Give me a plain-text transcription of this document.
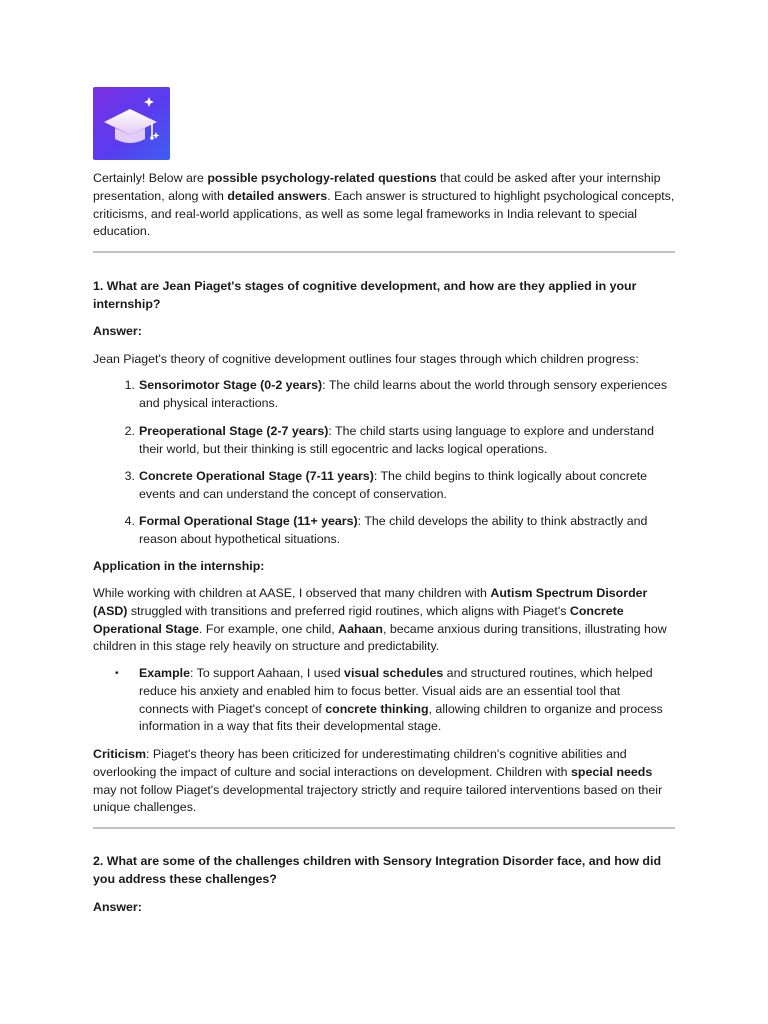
Certainly! Below are possible psychology-related questions that could be asked after your internship presentation, along with detailed answers. Each answer is structured to highlight psychological concepts, criticisms, and real-world applications, as well as some legal frameworks in India relevant to special education.
1. What are Jean Piaget's stages of cognitive development, and how are they applied in your internship?
Answer:
Jean Piaget's theory of cognitive development outlines four stages through which children progress:
1. Sensorimotor Stage (0-2 years): The child learns about the world through sensory experiences and physical interactions.
2. Preoperational Stage (2-7 years): The child starts using language to explore and understand their world, but their thinking is still egocentric and lacks logical operations.
3. Concrete Operational Stage (7-11 years): The child begins to think logically about concrete events and can understand the concept of conservation.
4. Formal Operational Stage (11+ years): The child develops the ability to think abstractly and reason about hypothetical situations.
Application in the internship:
While working with children at AASE, I observed that many children with Autism Spectrum Disorder (ASD) struggled with transitions and preferred rigid routines, which aligns with Piaget's Concrete Operational Stage. For example, one child, Aahaan, became anxious during transitions, illustrating how children in this stage rely heavily on structure and predictability.
•	Example: To support Aahaan, I used visual schedules and structured routines, which helped reduce his anxiety and enabled him to focus better. Visual aids are an essential tool that connects with Piaget's concept of concrete thinking, allowing children to organize and process information in a way that fits their developmental stage.
Criticism: Piaget's theory has been criticized for underestimating children's cognitive abilities and overlooking the impact of culture and social interactions on development. Children with special needs may not follow Piaget's developmental trajectory strictly and require tailored interventions based on their unique challenges.
2. What are some of the challenges children with Sensory Integration Disorder face, and how did you address these challenges?
Answer:
